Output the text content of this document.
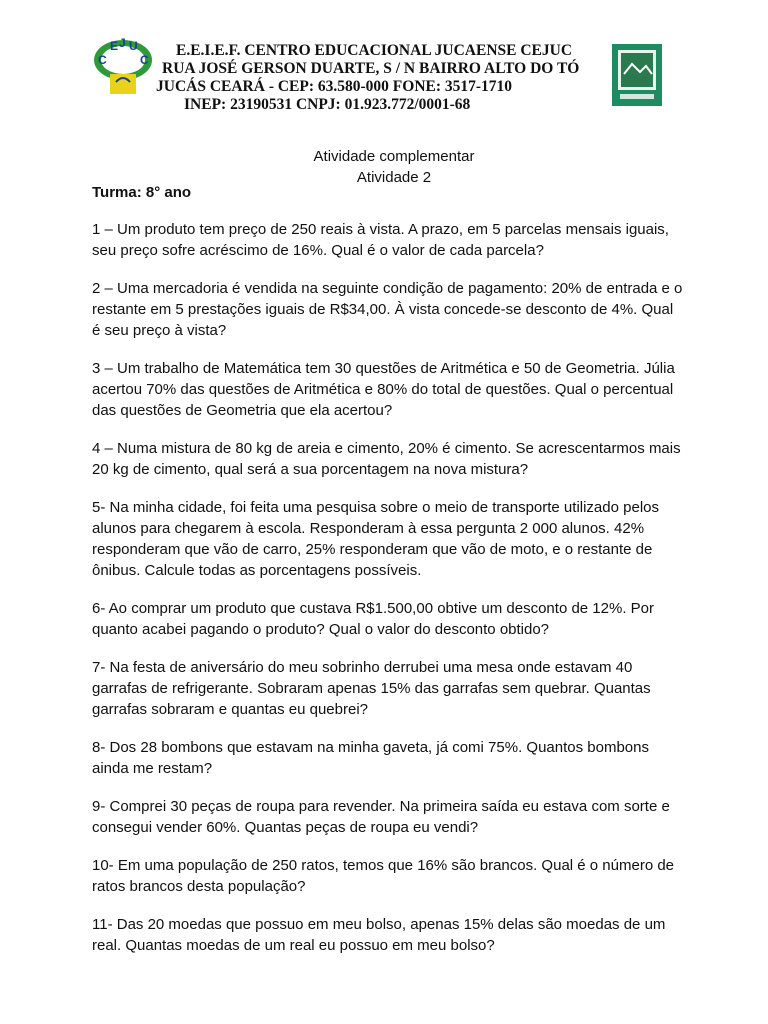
C
E J U
C
E.E.I.E.F. CENTRO EDUCACIONAL JUCAENSE CEJUC
RUA JOSÉ GERSON DUARTE, S / N BAIRRO ALTO DO TÓ
JUCÁS CEARÁ - CEP: 63.580-000 FONE: 3517-1710
INEP: 23190531 CNPJ: 01.923.772/0001-68
Atividade complementar
Atividade 2
Turma: 8° ano
1 – Um produto tem preço de 250 reais à vista. A prazo, em 5 parcelas mensais iguais,
seu preço sofre acréscimo de 16%. Qual é o valor de cada parcela?
2 – Uma mercadoria é vendida na seguinte condição de pagamento: 20% de entrada e o
restante em 5 prestações iguais de R$34,00. À vista concede-se desconto de 4%. Qual
é seu preço à vista?
3 – Um trabalho de Matemática tem 30 questões de Aritmética e 50 de Geometria. Júlia
acertou 70% das questões de Aritmética e 80% do total de questões. Qual o percentual
das questões de Geometria que ela acertou?
4 – Numa mistura de 80 kg de areia e cimento, 20% é cimento. Se acrescentarmos mais
20 kg de cimento, qual será a sua porcentagem na nova mistura?
5- Na minha cidade, foi feita uma pesquisa sobre o meio de transporte utilizado pelos
alunos para chegarem à escola. Responderam à essa pergunta 2 000 alunos. 42%
responderam que vão de carro, 25% responderam que vão de moto, e o restante de
ônibus. Calcule todas as porcentagens possíveis.
6- Ao comprar um produto que custava R$1.500,00 obtive um desconto de 12%. Por
quanto acabei pagando o produto? Qual o valor do desconto obtido?
7- Na festa de aniversário do meu sobrinho derrubei uma mesa onde estavam 40
garrafas de refrigerante. Sobraram apenas 15% das garrafas sem quebrar. Quantas
garrafas sobraram e quantas eu quebrei?
8- Dos 28 bombons que estavam na minha gaveta, já comi 75%. Quantos bombons
ainda me restam?
9- Comprei 30 peças de roupa para revender. Na primeira saída eu estava com sorte e
consegui vender 60%. Quantas peças de roupa eu vendi?
10- Em uma população de 250 ratos, temos que 16% são brancos. Qual é o número de
ratos brancos desta população?
11- Das 20 moedas que possuo em meu bolso, apenas 15% delas são moedas de um
real. Quantas moedas de um real eu possuo em meu bolso?
